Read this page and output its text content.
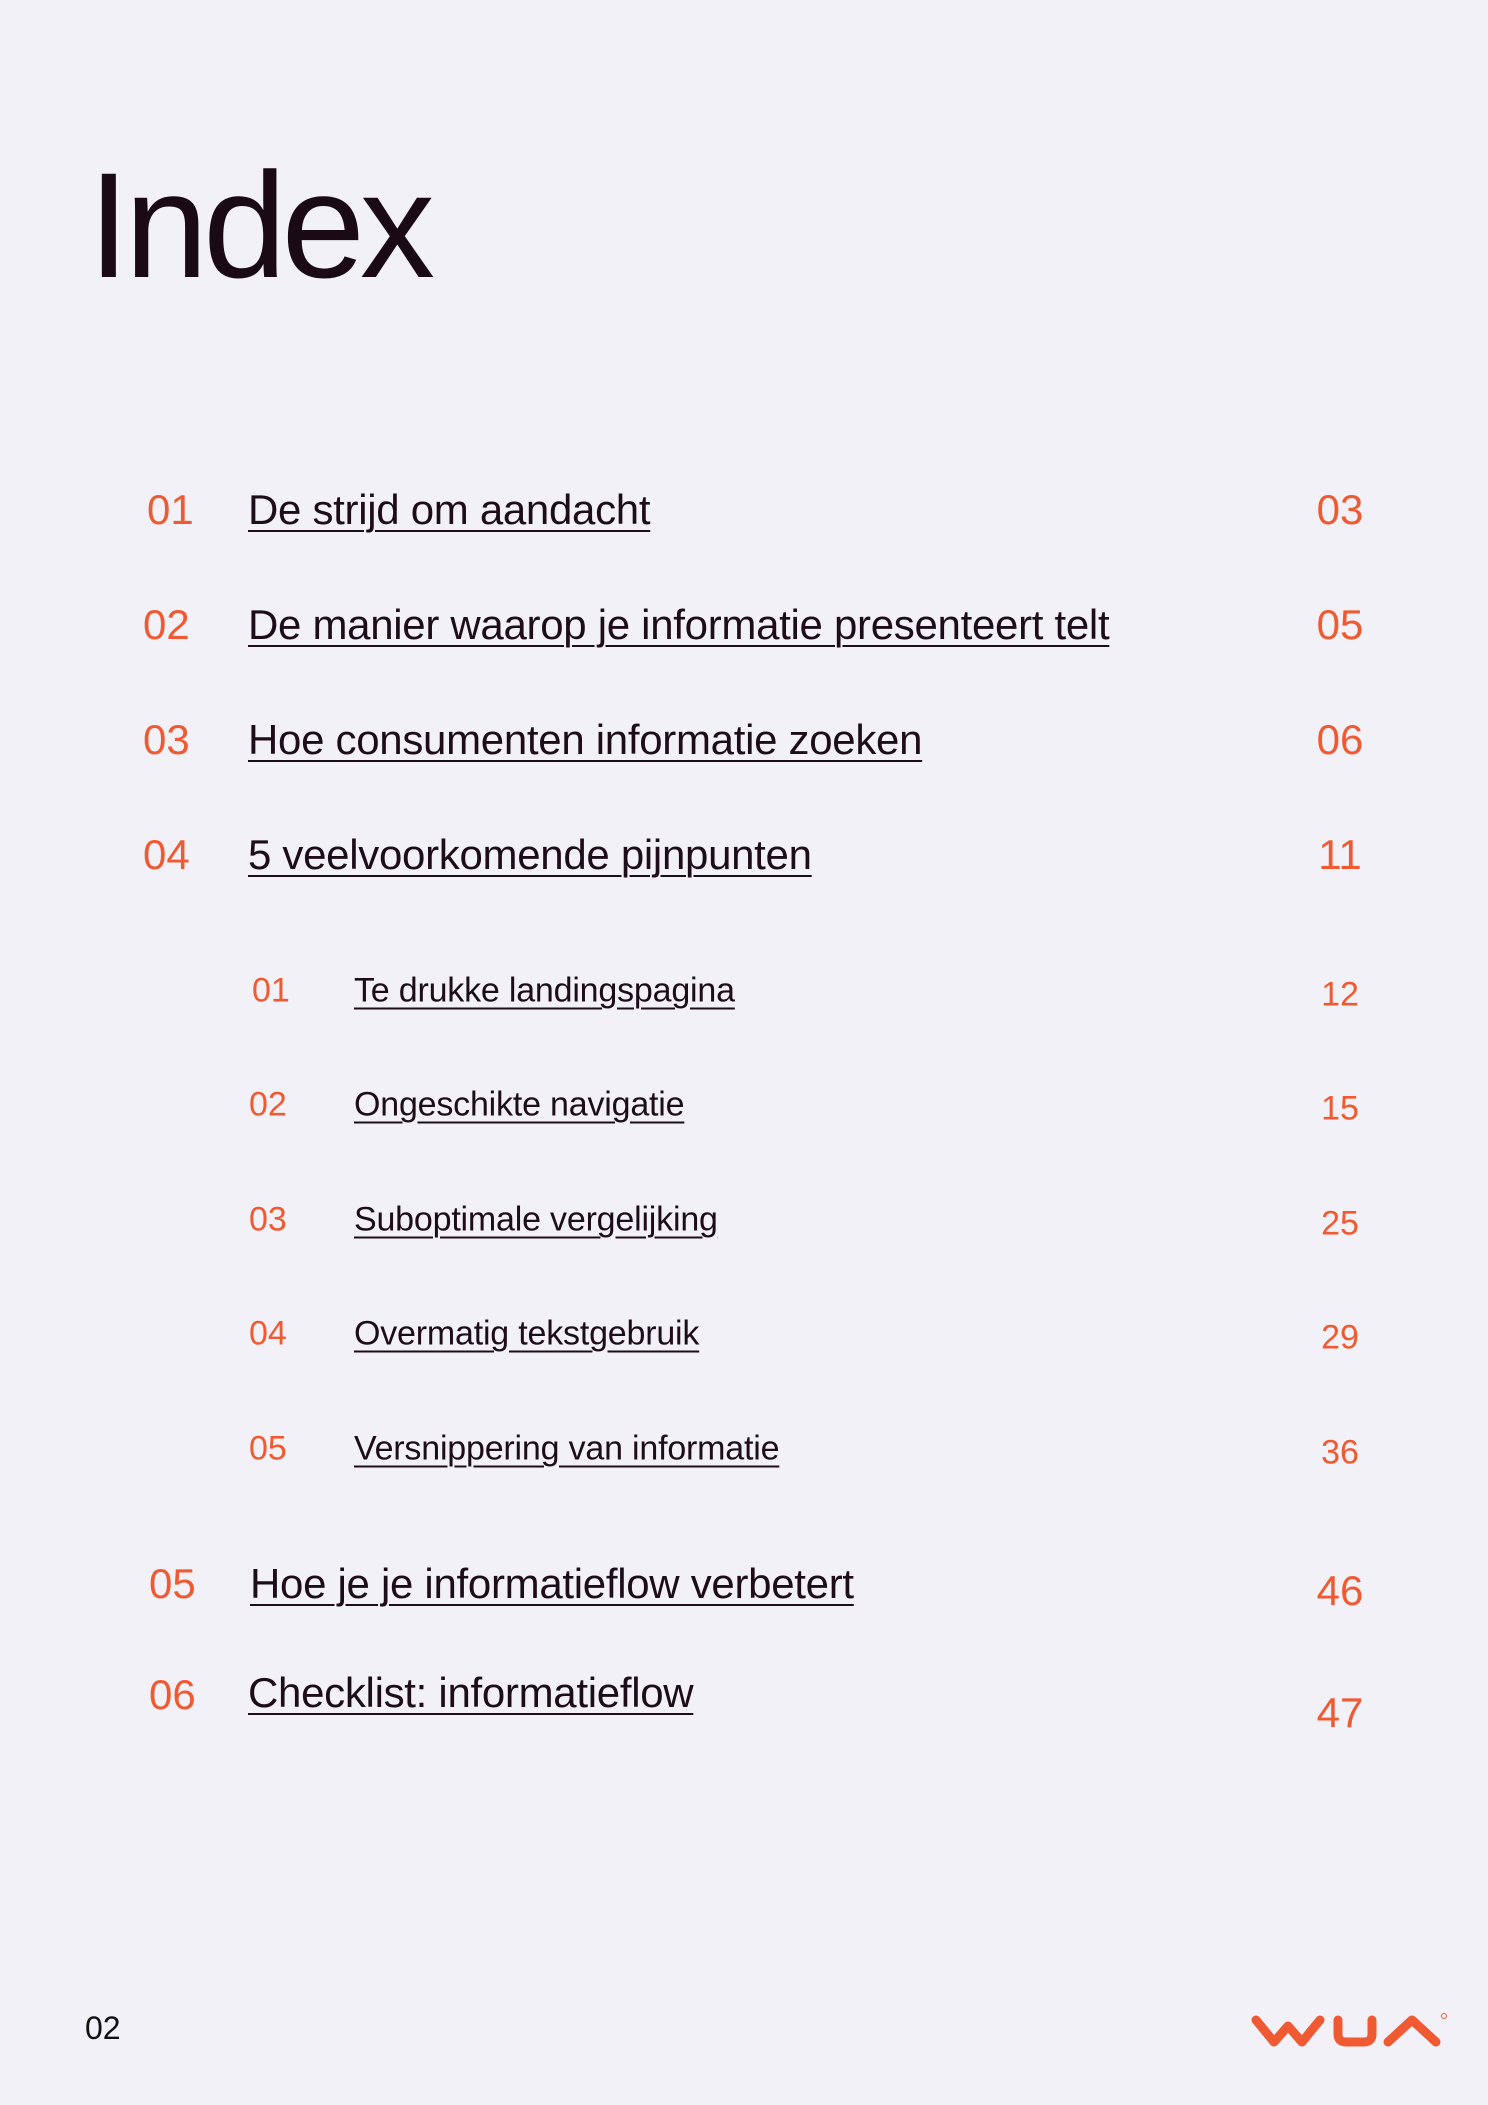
Index
01 De strijd om aandacht	03
02 De manier waarop je informatie presenteert telt	05
03 Hoe consumenten informatie zoeken	06
04 5 veelvoorkomende pijnpunten	11
01 Te drukke landingspagina	12
02 Ongeschikte navigatie	15
03 Suboptimale vergelijking	25
04 Overmatig tekstgebruik	29
05 Versnippering van informatie	36
05 Hoe je je informatieflow verbetert	46
06 Checklist: informatieflow	47
02
